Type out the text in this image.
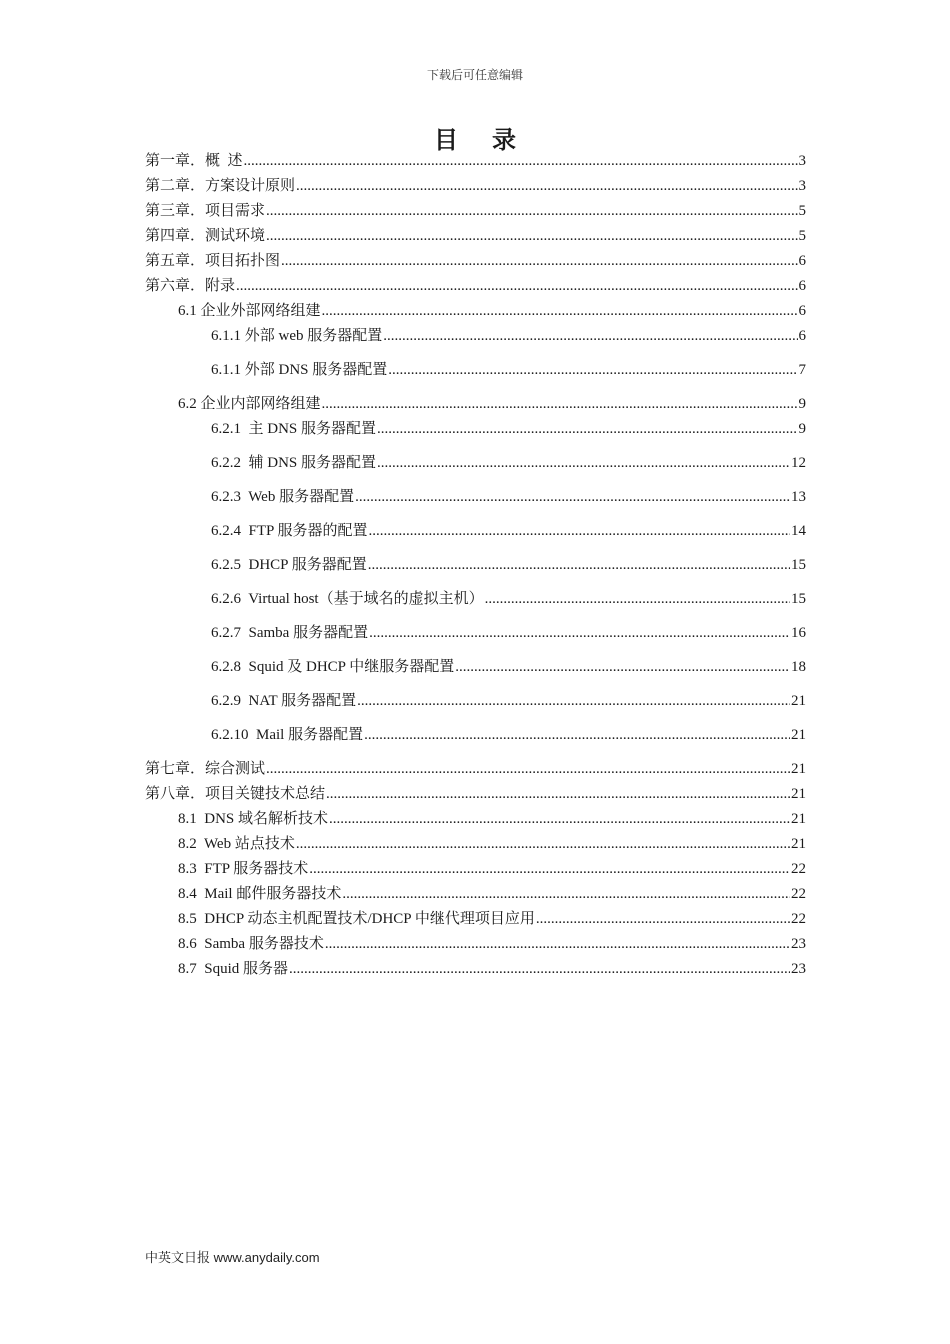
下载后可任意编辑
目 录
第一章．概  述 .....	3
第二章．方案设计原则 .....	3
第三章．项目需求 .....	5
第四章．测试环境 .....	5
第五章．项目拓扑图 .....	6
第六章．附录 .....	6
6.1 企业外部网络组建 .....	6
6.1.1 外部 web 服务器配置 .....	6
6.1.1 外部 DNS 服务器配置 .....	7
6.2 企业内部网络组建 .....	9
6.2.1  主 DNS 服务器配置 .....	9
6.2.2  辅 DNS 服务器配置 .....	12
6.2.3  Web 服务器配置 .....	13
6.2.4  FTP 服务器的配置 .....	14
6.2.5  DHCP 服务器配置 .....	15
6.2.6  Virtual host（基于域名的虚拟主机） .....	15
6.2.7  Samba 服务器配置 .....	16
6.2.8  Squid 及 DHCP 中继服务器配置 .....	18
6.2.9  NAT 服务器配置 .....	21
6.2.10  Mail 服务器配置 .....	21
第七章．综合测试 .....	21
第八章．项目关键技术总结 .....	21
8.1  DNS 域名解析技术 .....	21
8.2  Web 站点技术 .....	21
8.3  FTP 服务器技术 .....	22
8.4  Mail 邮件服务器技术 .....	22
8.5  DHCP 动态主机配置技术/DHCP 中继代理项目应用 .....	22
8.6  Samba 服务器技术 .....	23
8.7  Squid 服务器 .....	23
中英文日报 www.anydaily.com
